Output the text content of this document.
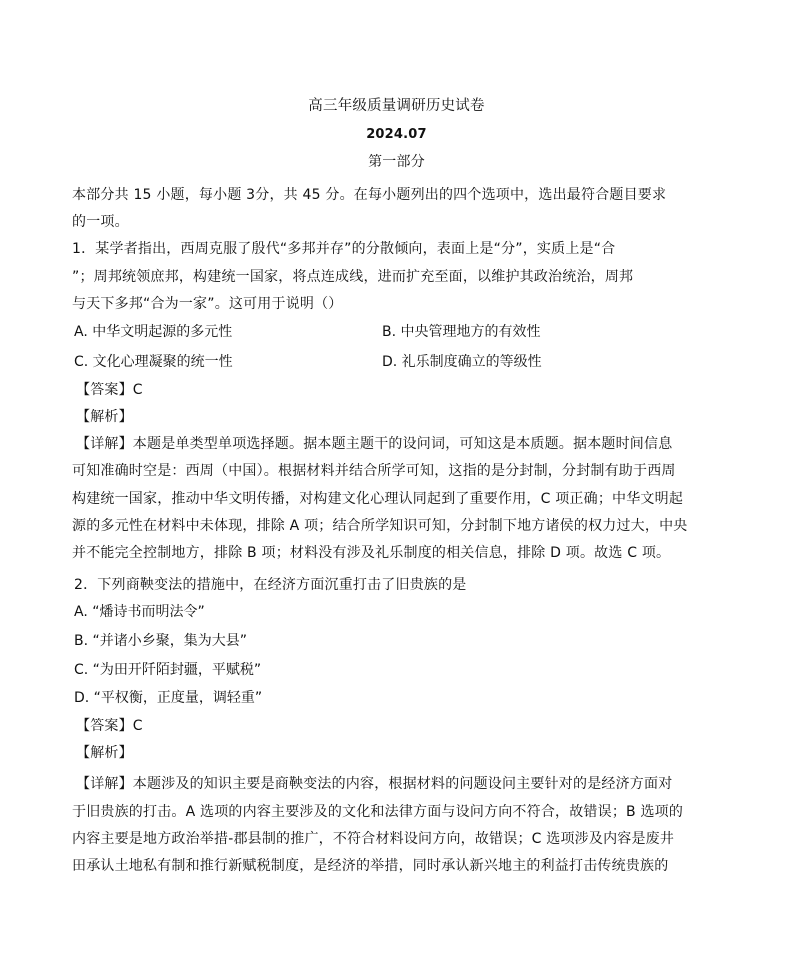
高三年级质量调研历史试卷
2024.07
第一部分
本部分共 15 小题，每小题 3分，共 45 分。在每小题列出的四个选项中，选出最符合题目要求
的一项。
1．某学者指出，西周克服了殷代“多邦并存”的分散倾向，表面上是“分”，实质上是“合
”；周邦统领庶邦，构建统一国家，将点连成线，进而扩充至面，以维护其政治统治，周邦
与天下多邦“合为一家”。这可用于说明（）
A. 中华文明起源的多元性	B. 中央管理地方的有效性
C. 文化心理凝聚的统一性	D. 礼乐制度确立的等级性
【答案】C
【解析】
【详解】本题是单类型单项选择题。据本题主题干的设问词，可知这是本质题。据本题时间信息
可知准确时空是：西周（中国）。根据材料并结合所学可知，这指的是分封制，分封制有助于西周
构建统一国家，推动中华文明传播，对构建文化心理认同起到了重要作用，C 项正确；中华文明起
源的多元性在材料中未体现，排除 A 项；结合所学知识可知，分封制下地方诸侯的权力过大，中央
并不能完全控制地方，排除 B 项；材料没有涉及礼乐制度的相关信息，排除 D 项。故选 C 项。
2．下列商鞅变法的措施中，在经济方面沉重打击了旧贵族的是
A. “燔诗书而明法令”
B. “并诸小乡聚，集为大县”
C. “为田开阡陌封疆，平赋税”
D. “平权衡，正度量，调轻重”
【答案】C
【解析】
【详解】本题涉及的知识主要是商鞅变法的内容，根据材料的问题设问主要针对的是经济方面对
于旧贵族的打击。A 选项的内容主要涉及的文化和法律方面与设问方向不符合，故错误；B 选项的
内容主要是地方政治举措-郡县制的推广，不符合材料设问方向，故错误；C 选项涉及内容是废井
田承认土地私有制和推行新赋税制度，是经济的举措，同时承认新兴地主的利益打击传统贵族的
